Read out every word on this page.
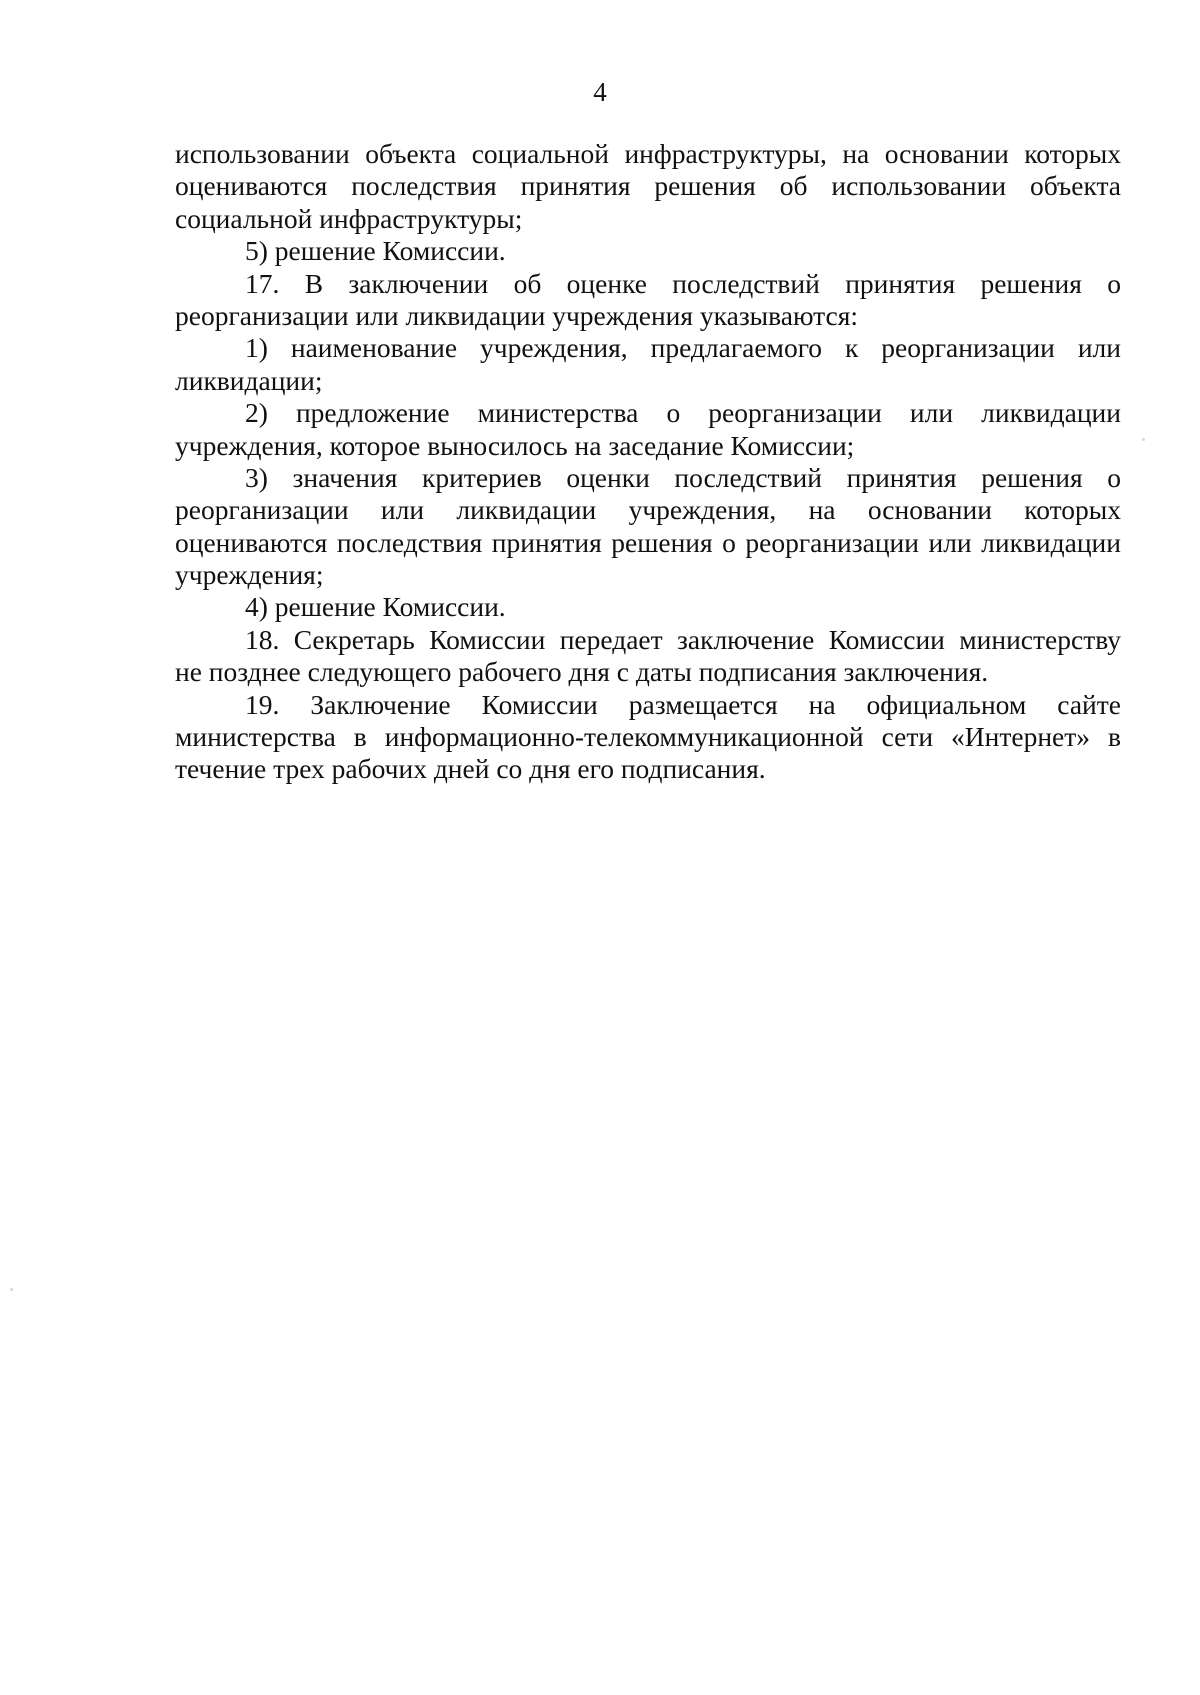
4
использовании объекта социальной инфраструктуры, на основании которых
оцениваются последствия принятия решения об использовании объекта
социальной инфраструктуры;
5) решение Комиссии.
17. В заключении об оценке последствий принятия решения о
реорганизации или ликвидации учреждения указываются:
1) наименование учреждения, предлагаемого к реорганизации или
ликвидации;
2) предложение министерства о реорганизации или ликвидации
учреждения, которое выносилось на заседание Комиссии;
3) значения критериев оценки последствий принятия решения о
реорганизации или ликвидации учреждения, на основании которых
оцениваются последствия принятия решения о реорганизации или ликвидации
учреждения;
4) решение Комиссии.
18. Секретарь Комиссии передает заключение Комиссии министерству
не позднее следующего рабочего дня с даты подписания заключения.
19. Заключение Комиссии размещается на официальном сайте
министерства в информационно-телекоммуникационной сети «Интернет» в
течение трех рабочих дней со дня его подписания.
